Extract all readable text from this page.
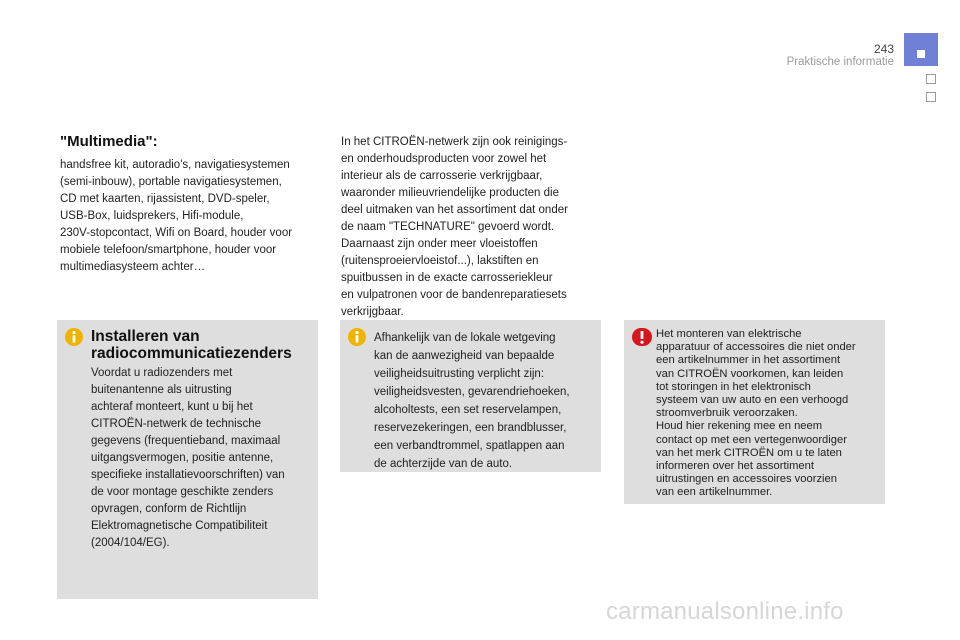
243
Praktische informatie
"Multimedia":
handsfree kit, autoradio's, navigatiesystemen
(semi-inbouw), portable navigatiesystemen,
CD met kaarten, rijassistent, DVD-speler,
USB-Box, luidsprekers, Hifi-module,
230V-stopcontact, Wifi on Board, houder voor
mobiele telefoon/smartphone, houder voor
multimediasysteem achter…
In het CITROËN-netwerk zijn ook reinigings-
en onderhoudsproducten voor zowel het
interieur als de carrosserie verkrijgbaar,
waaronder milieuvriendelijke producten die
deel uitmaken van het assortiment dat onder
de naam "TECHNATURE" gevoerd wordt.
Daarnaast zijn onder meer vloeistoffen
(ruitensproeiervloeistof...), lakstiften en
spuitbussen in de exacte carrosseriekleur
en vulpatronen voor de bandenreparatiesets
verkrijgbaar.
Installeren van
radiocommunicatiezenders
Voordat u radiozenders met
buitenantenne als uitrusting
achteraf monteert, kunt u bij het
CITROËN-netwerk de technische
gegevens (frequentieband, maximaal
uitgangsvermogen, positie antenne,
specifieke installatievoorschriften) van
de voor montage geschikte zenders
opvragen, conform de Richtlijn
Elektromagnetische Compatibiliteit
(2004/104/EG).
Afhankelijk van de lokale wetgeving
kan de aanwezigheid van bepaalde
veiligheidsuitrusting verplicht zijn:
veiligheidsvesten, gevarendriehoeken,
alcoholtests, een set reservelampen,
reservezekeringen, een brandblusser,
een verbandtrommel, spatlappen aan
de achterzijde van de auto.
Het monteren van elektrische
apparatuur of accessoires die niet onder
een artikelnummer in het assortiment
van CITROËN voorkomen, kan leiden
tot storingen in het elektronisch
systeem van uw auto en een verhoogd
stroomverbruik veroorzaken.
Houd hier rekening mee en neem
contact op met een vertegenwoordiger
van het merk CITROËN om u te laten
informeren over het assortiment
uitrustingen en accessoires voorzien
van een artikelnummer.
carmanualsonline.info
